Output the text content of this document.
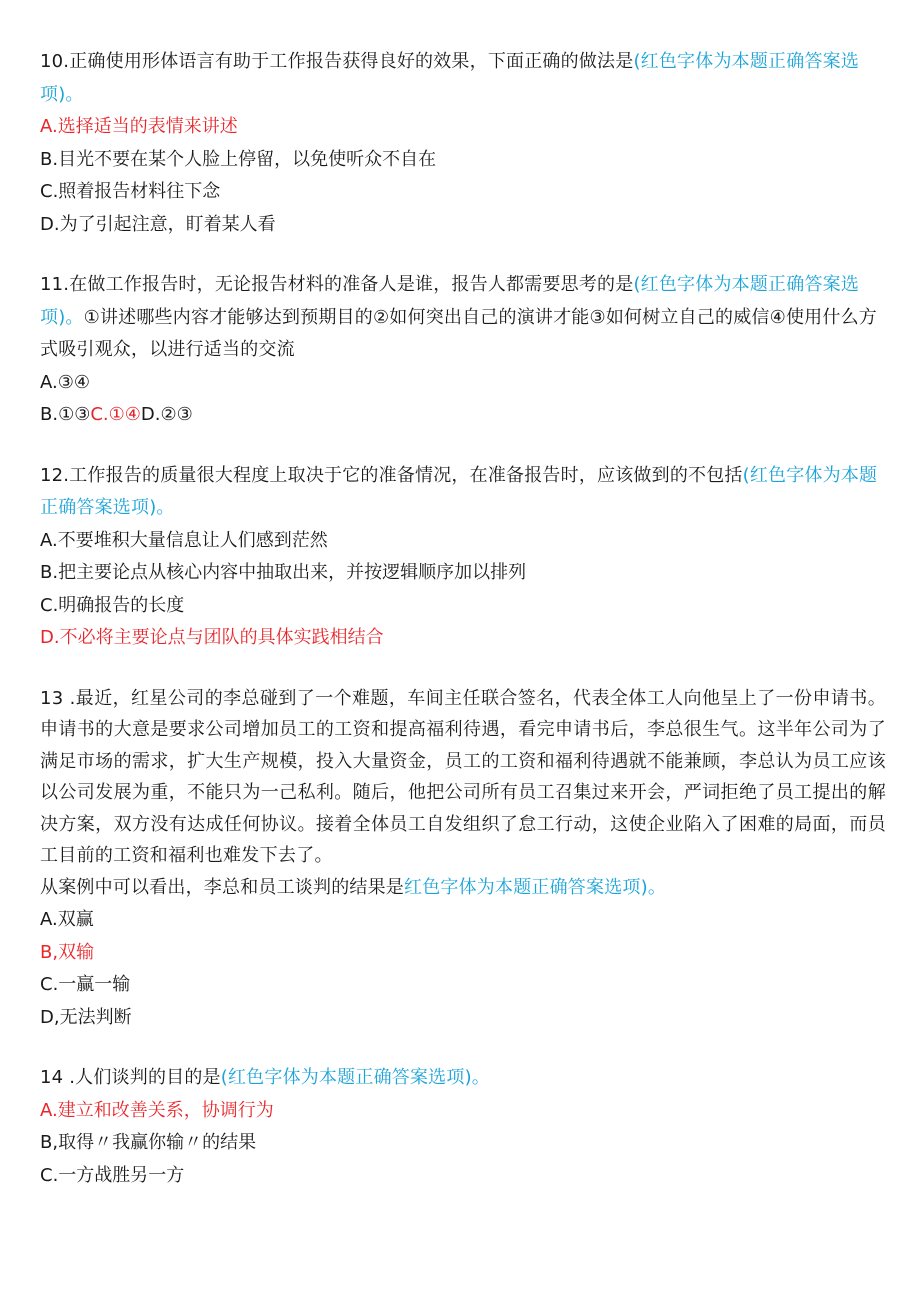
10.正确使用形体语言有助于工作报告获得良好的效果，下面正确的做法是(红色字体为本题正确答案选项)。
A.选择适当的表情来讲述
B.目光不要在某个人脸上停留，以免使听众不自在
C.照着报告材料往下念
D.为了引起注意，盯着某人看
11.在做工作报告时，无论报告材料的准备人是谁，报告人都需要思考的是(红色字体为本题正确答案选项)。①讲述哪些内容才能够达到预期目的②如何突出自己的演讲才能③如何树立自己的威信④使用什么方式吸引观众，以进行适当的交流
A.③④
B.①③C.①④D.②③
12.工作报告的质量很大程度上取决于它的准备情况，在准备报告时，应该做到的不包括(红色字体为本题正确答案选项)。
A.不要堆积大量信息让人们感到茫然
B.把主要论点从核心内容中抽取出来，并按逻辑顺序加以排列
C.明确报告的长度
D.不必将主要论点与团队的具体实践相结合
13 .最近，红星公司的李总碰到了一个难题，车间主任联合签名，代表全体工人向他呈上了一份申请书。申请书的大意是要求公司增加员工的工资和提高福利待遇，看完申请书后，李总很生气。这半年公司为了满足市场的需求，扩大生产规模，投入大量资金，员工的工资和福利待遇就不能兼顾，李总认为员工应该以公司发展为重，不能只为一己私利。随后，他把公司所有员工召集过来开会，严词拒绝了员工提出的解决方案，双方没有达成任何协议。接着全体员工自发组织了怠工行动，这使企业陷入了困难的局面，而员工目前的工资和福利也难发下去了。
从案例中可以看出，李总和员工谈判的结果是红色字体为本题正确答案选项)。
A.双赢
B,双输
C.一赢一输
D,无法判断
14 .人们谈判的目的是(红色字体为本题正确答案选项)。
A.建立和改善关系，协调行为
B,取得〃我赢你输〃的结果
C.一方战胜另一方
